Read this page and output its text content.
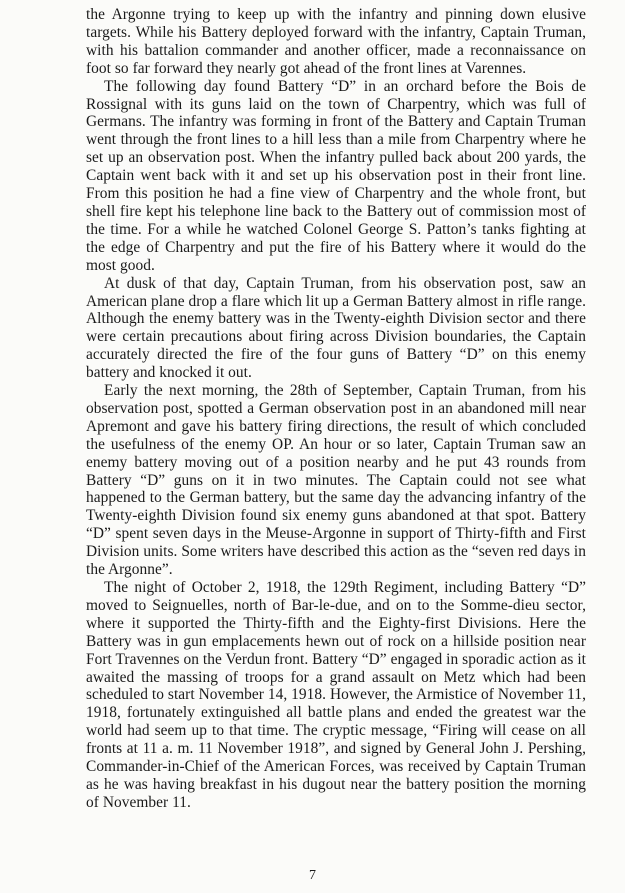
the Argonne trying to keep up with the infantry and pinning down elusive targets. While his Battery deployed forward with the infantry, Captain Truman, with his battalion commander and another officer, made a reconnaissance on foot so far forward they nearly got ahead of the front lines at Varennes.

The following day found Battery “D” in an orchard before the Bois de Rossignal with its guns laid on the town of Charpentry, which was full of Germans. The infantry was forming in front of the Battery and Captain Truman went through the front lines to a hill less than a mile from Charpentry where he set up an observation post. When the infantry pulled back about 200 yards, the Captain went back with it and set up his observation post in their front line. From this position he had a fine view of Charpentry and the whole front, but shell fire kept his telephone line back to the Battery out of commission most of the time. For a while he watched Colonel George S. Patton’s tanks fighting at the edge of Charpentry and put the fire of his Battery where it would do the most good.

At dusk of that day, Captain Truman, from his observation post, saw an American plane drop a flare which lit up a German Battery almost in rifle range. Although the enemy battery was in the Twenty-eighth Division sector and there were certain precautions about firing across Division boundaries, the Captain accurately directed the fire of the four guns of Battery “D” on this enemy battery and knocked it out.

Early the next morning, the 28th of September, Captain Truman, from his observation post, spotted a German observation post in an abandoned mill near Apremont and gave his battery firing directions, the result of which concluded the usefulness of the enemy OP. An hour or so later, Captain Truman saw an enemy battery moving out of a position nearby and he put 43 rounds from Battery “D” guns on it in two minutes. The Captain could not see what happened to the German battery, but the same day the advancing infantry of the Twenty-eighth Division found six enemy guns abandoned at that spot. Battery “D” spent seven days in the Meuse-Argonne in support of Thirty-fifth and First Division units. Some writers have described this action as the “seven red days in the Argonne”.

The night of October 2, 1918, the 129th Regiment, including Battery “D” moved to Seignuelles, north of Bar-le-due, and on to the Somme-dieu sector, where it supported the Thirty-fifth and the Eighty-first Divisions. Here the Battery was in gun emplacements hewn out of rock on a hillside position near Fort Travennes on the Verdun front. Battery “D” engaged in sporadic action as it awaited the massing of troops for a grand assault on Metz which had been scheduled to start November 14, 1918. However, the Armistice of November 11, 1918, fortunately extinguished all battle plans and ended the greatest war the world had seem up to that time. The cryptic message, “Firing will cease on all fronts at 11 a. m. 11 November 1918”, and signed by General John J. Pershing, Commander-in-Chief of the American Forces, was received by Captain Truman as he was having breakfast in his dugout near the battery position the morning of November 11.

7
